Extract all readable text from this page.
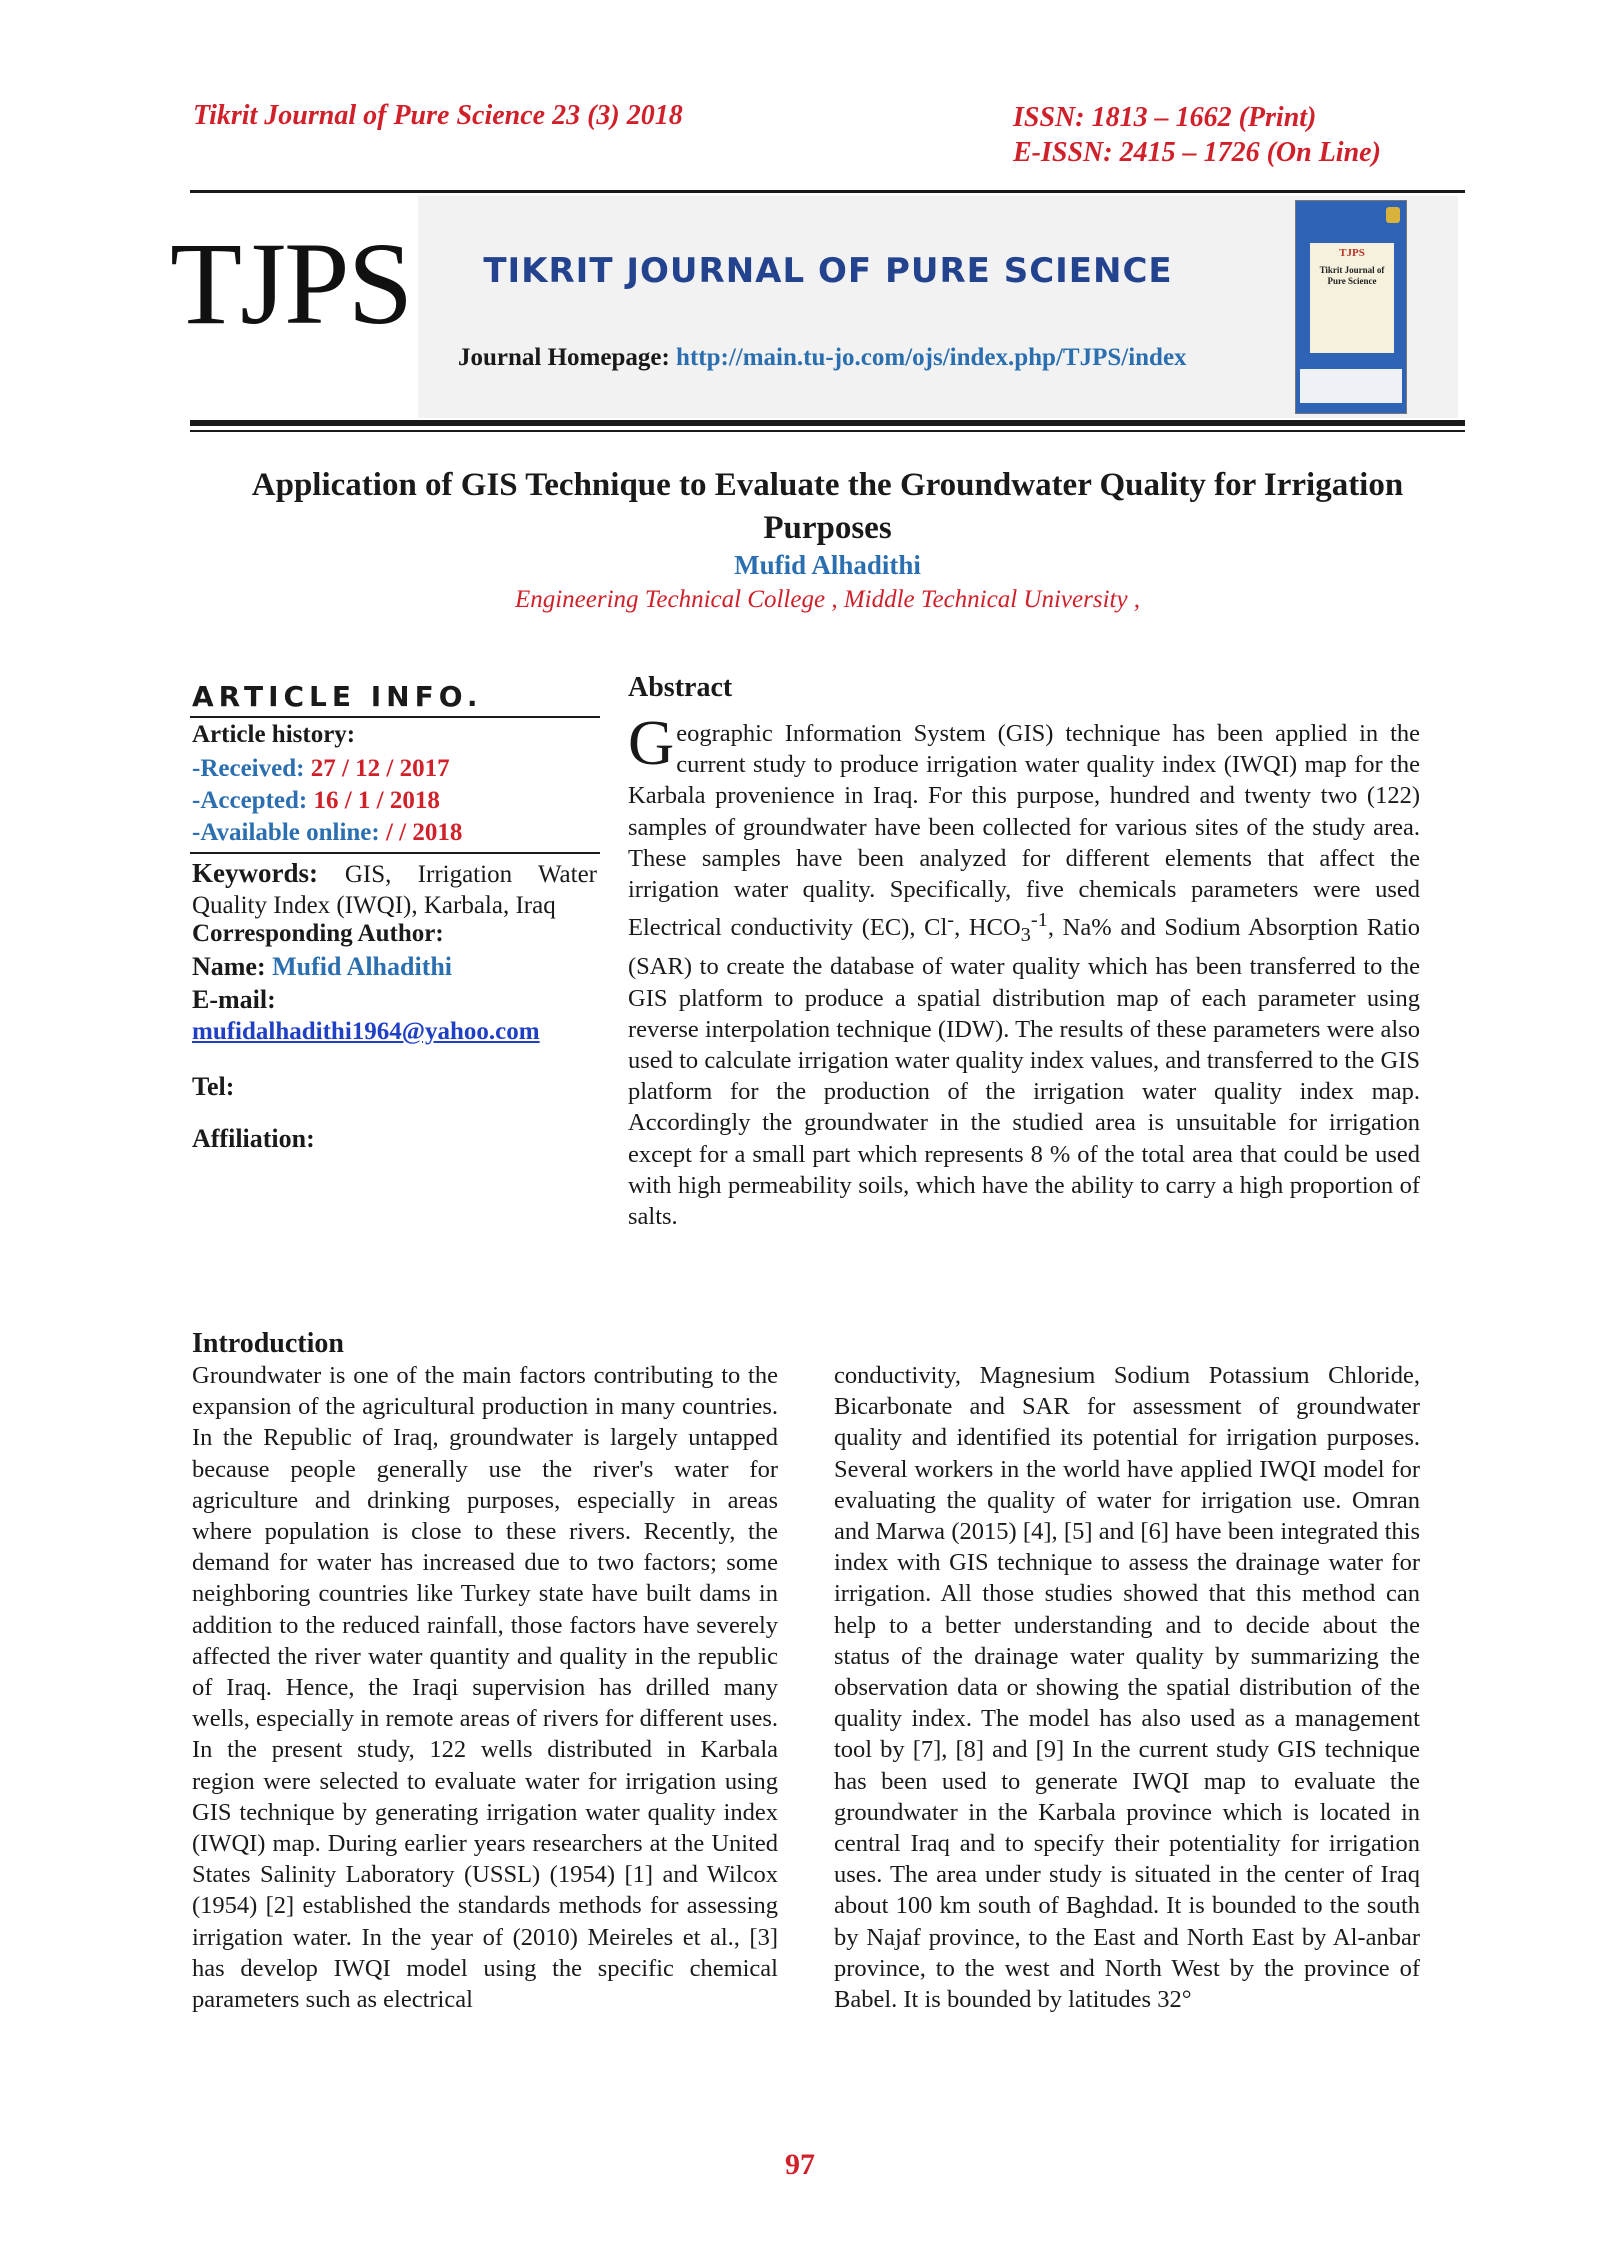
Tikrit Journal of Pure Science 23 (3) 2018	ISSN: 1813 – 1662 (Print)
E-ISSN: 2415 – 1726 (On Line)
TJPS	TIKRIT JOURNAL OF PURE SCIENCE
Journal Homepage: http://main.tu-jo.com/ojs/index.php/TJPS/index
TJPS
Tikrit Journal of Pure Science
Application of GIS Technique to Evaluate the Groundwater Quality for Irrigation Purposes
Mufid Alhadithi
Engineering Technical College , Middle Technical University ,
ARTICLE INFO.
Article history:
-Received: 27 / 12 / 2017
-Accepted: 16 / 1 / 2018
-Available online: / / 2018
Keywords: GIS, Irrigation Water Quality Index (IWQI), Karbala, Iraq
Corresponding Author:
Name: Mufid Alhadithi
E-mail:
mufidalhadithi1964@yahoo.com
Tel:
Affiliation:
Abstract
Geographic Information System (GIS) technique has been applied in the current study to produce irrigation water quality index (IWQI) map for the Karbala provenience in Iraq. For this purpose, hundred and twenty two (122) samples of groundwater have been collected for various sites of the study area. These samples have been analyzed for different elements that affect the irrigation water quality. Specifically, five chemicals parameters were used Electrical conductivity (EC), Cl-, $HCO_3^{-1}$, Na% and Sodium Absorption Ratio (SAR) to create the database of water quality which has been transferred to the GIS platform to produce a spatial distribution map of each parameter using reverse interpolation technique (IDW). The results of these parameters were also used to calculate irrigation water quality index values, and transferred to the GIS platform for the production of the irrigation water quality index map. Accordingly the groundwater in the studied area is unsuitable for irrigation except for a small part which represents 8 % of the total area that could be used with high permeability soils, which have the ability to carry a high proportion of salts.
Introduction
Groundwater is one of the main factors contributing to the expansion of the agricultural production in many countries. In the Republic of Iraq, groundwater is largely untapped because people generally use the river's water for agriculture and drinking purposes, especially in areas where population is close to these rivers. Recently, the demand for water has increased due to two factors; some neighboring countries like Turkey state have built dams in addition to the reduced rainfall, those factors have severely affected the river water quantity and quality in the republic of Iraq. Hence, the Iraqi supervision has drilled many wells, especially in remote areas of rivers for different uses. In the present study, 122 wells distributed in Karbala region were selected to evaluate water for irrigation using GIS technique by generating irrigation water quality index (IWQI) map. During earlier years researchers at the United States Salinity Laboratory (USSL) (1954) [1] and Wilcox (1954) [2] established the standards methods for assessing irrigation water. In the year of (2010) Meireles et al., [3] has develop IWQI model using the specific chemical parameters such as electrical
conductivity, Magnesium Sodium Potassium Chloride, Bicarbonate and SAR for assessment of groundwater quality and identified its potential for irrigation purposes. Several workers in the world have applied IWQI model for evaluating the quality of water for irrigation use. Omran and Marwa (2015) [4], [5] and [6] have been integrated this index with GIS technique to assess the drainage water for irrigation. All those studies showed that this method can help to a better understanding and to decide about the status of the drainage water quality by summarizing the observation data or showing the spatial distribution of the quality index. The model has also used as a management tool by [7], [8] and [9] In the current study GIS technique has been used to generate IWQI map to evaluate the groundwater in the Karbala province which is located in central Iraq and to specify their potentiality for irrigation uses. The area under study is situated in the center of Iraq about 100 km south of Baghdad. It is bounded to the south by Najaf province, to the East and North East by Al-anbar province, to the west and North West by the province of Babel. It is bounded by latitudes 32°
97
